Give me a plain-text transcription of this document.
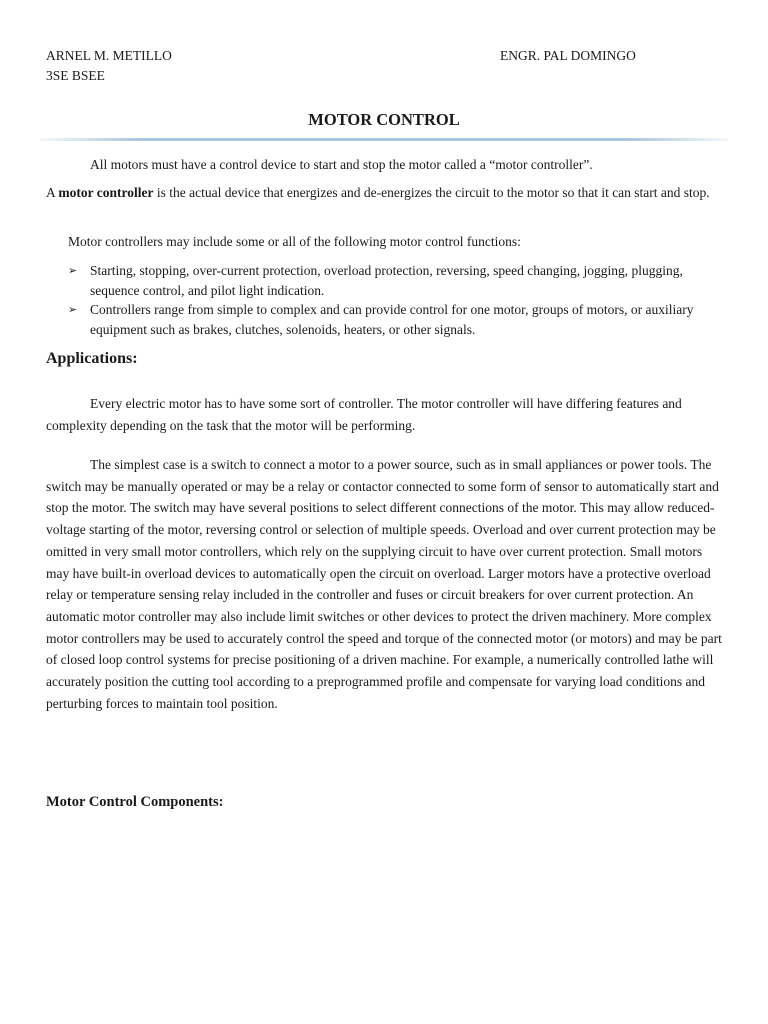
ARNEL M. METILLO
3SE BSEE
ENGR. PAL DOMINGO
MOTOR CONTROL
All motors must have a control device to start and stop the motor called a “motor controller”.
A motor controller is the actual device that energizes and de-energizes the circuit to the motor so that it can start and stop.
Motor controllers may include some or all of the following motor control functions:
➢ Starting, stopping, over-current protection, overload protection, reversing, speed changing, jogging, plugging, sequence control, and pilot light indication.
➢ Controllers range from simple to complex and can provide control for one motor, groups of motors, or auxiliary equipment such as brakes, clutches, solenoids, heaters, or other signals.
Applications:
Every electric motor has to have some sort of controller. The motor controller will have differing features and complexity depending on the task that the motor will be performing.
The simplest case is a switch to connect a motor to a power source, such as in small appliances or power tools. The switch may be manually operated or may be a relay or contactor connected to some form of sensor to automatically start and stop the motor. The switch may have several positions to select different connections of the motor. This may allow reduced-voltage starting of the motor, reversing control or selection of multiple speeds. Overload and over current protection may be omitted in very small motor controllers, which rely on the supplying circuit to have over current protection. Small motors may have built-in overload devices to automatically open the circuit on overload. Larger motors have a protective overload relay or temperature sensing relay included in the controller and fuses or circuit breakers for over current protection. An automatic motor controller may also include limit switches or other devices to protect the driven machinery. More complex motor controllers may be used to accurately control the speed and torque of the connected motor (or motors) and may be part of closed loop control systems for precise positioning of a driven machine. For example, a numerically controlled lathe will accurately position the cutting tool according to a preprogrammed profile and compensate for varying load conditions and perturbing forces to maintain tool position.
Motor Control Components:
